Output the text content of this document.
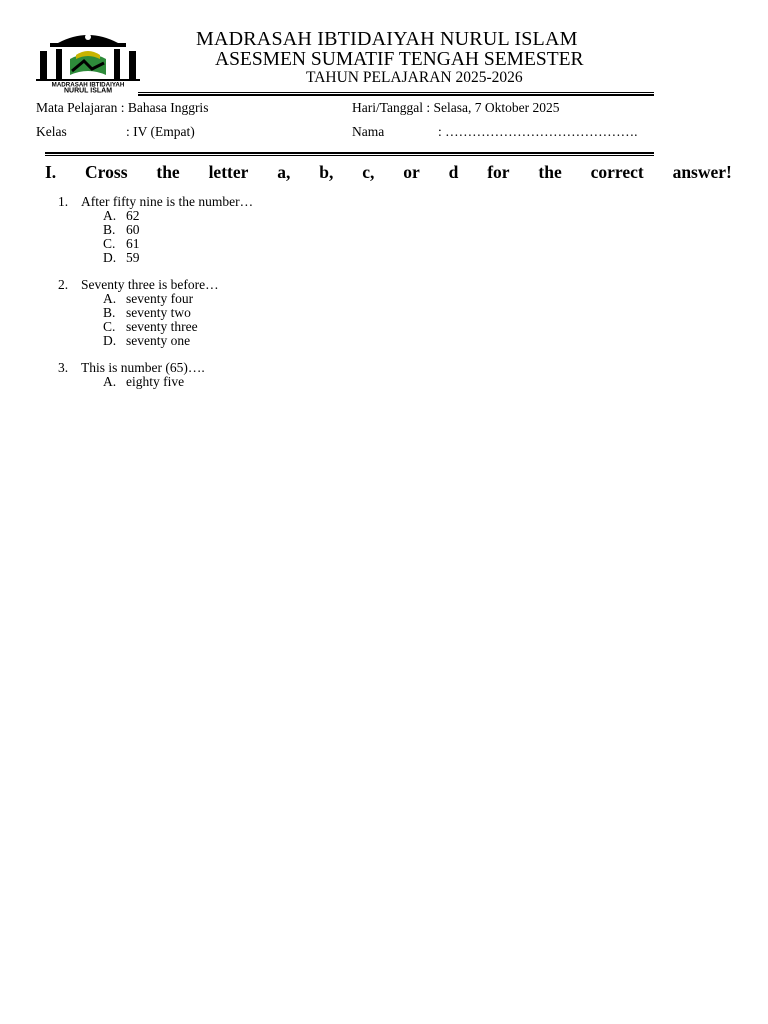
MADRASAH IBTIDAIYAH
NURUL ISLAM
MADRASAH IBTIDAIYAH NURUL ISLAM
ASESMEN SUMATIF TENGAH SEMESTER
TAHUN PELAJARAN 2025-2026
Mata Pelajaran : Bahasa Inggris	Hari/Tanggal : Selasa, 7 Oktober 2025
Kelas	: IV (Empat)	Nama	: …………………………………….
I. Cross the letter a, b, c, or d for the correct answer!
1. After fifty nine is the number…
A. 62
B. 60
C. 61
D. 59
2. Seventy three is before…
A. seventy four
B. seventy two
C. seventy three
D. seventy one
3. This is number (65)….
A. eighty five
